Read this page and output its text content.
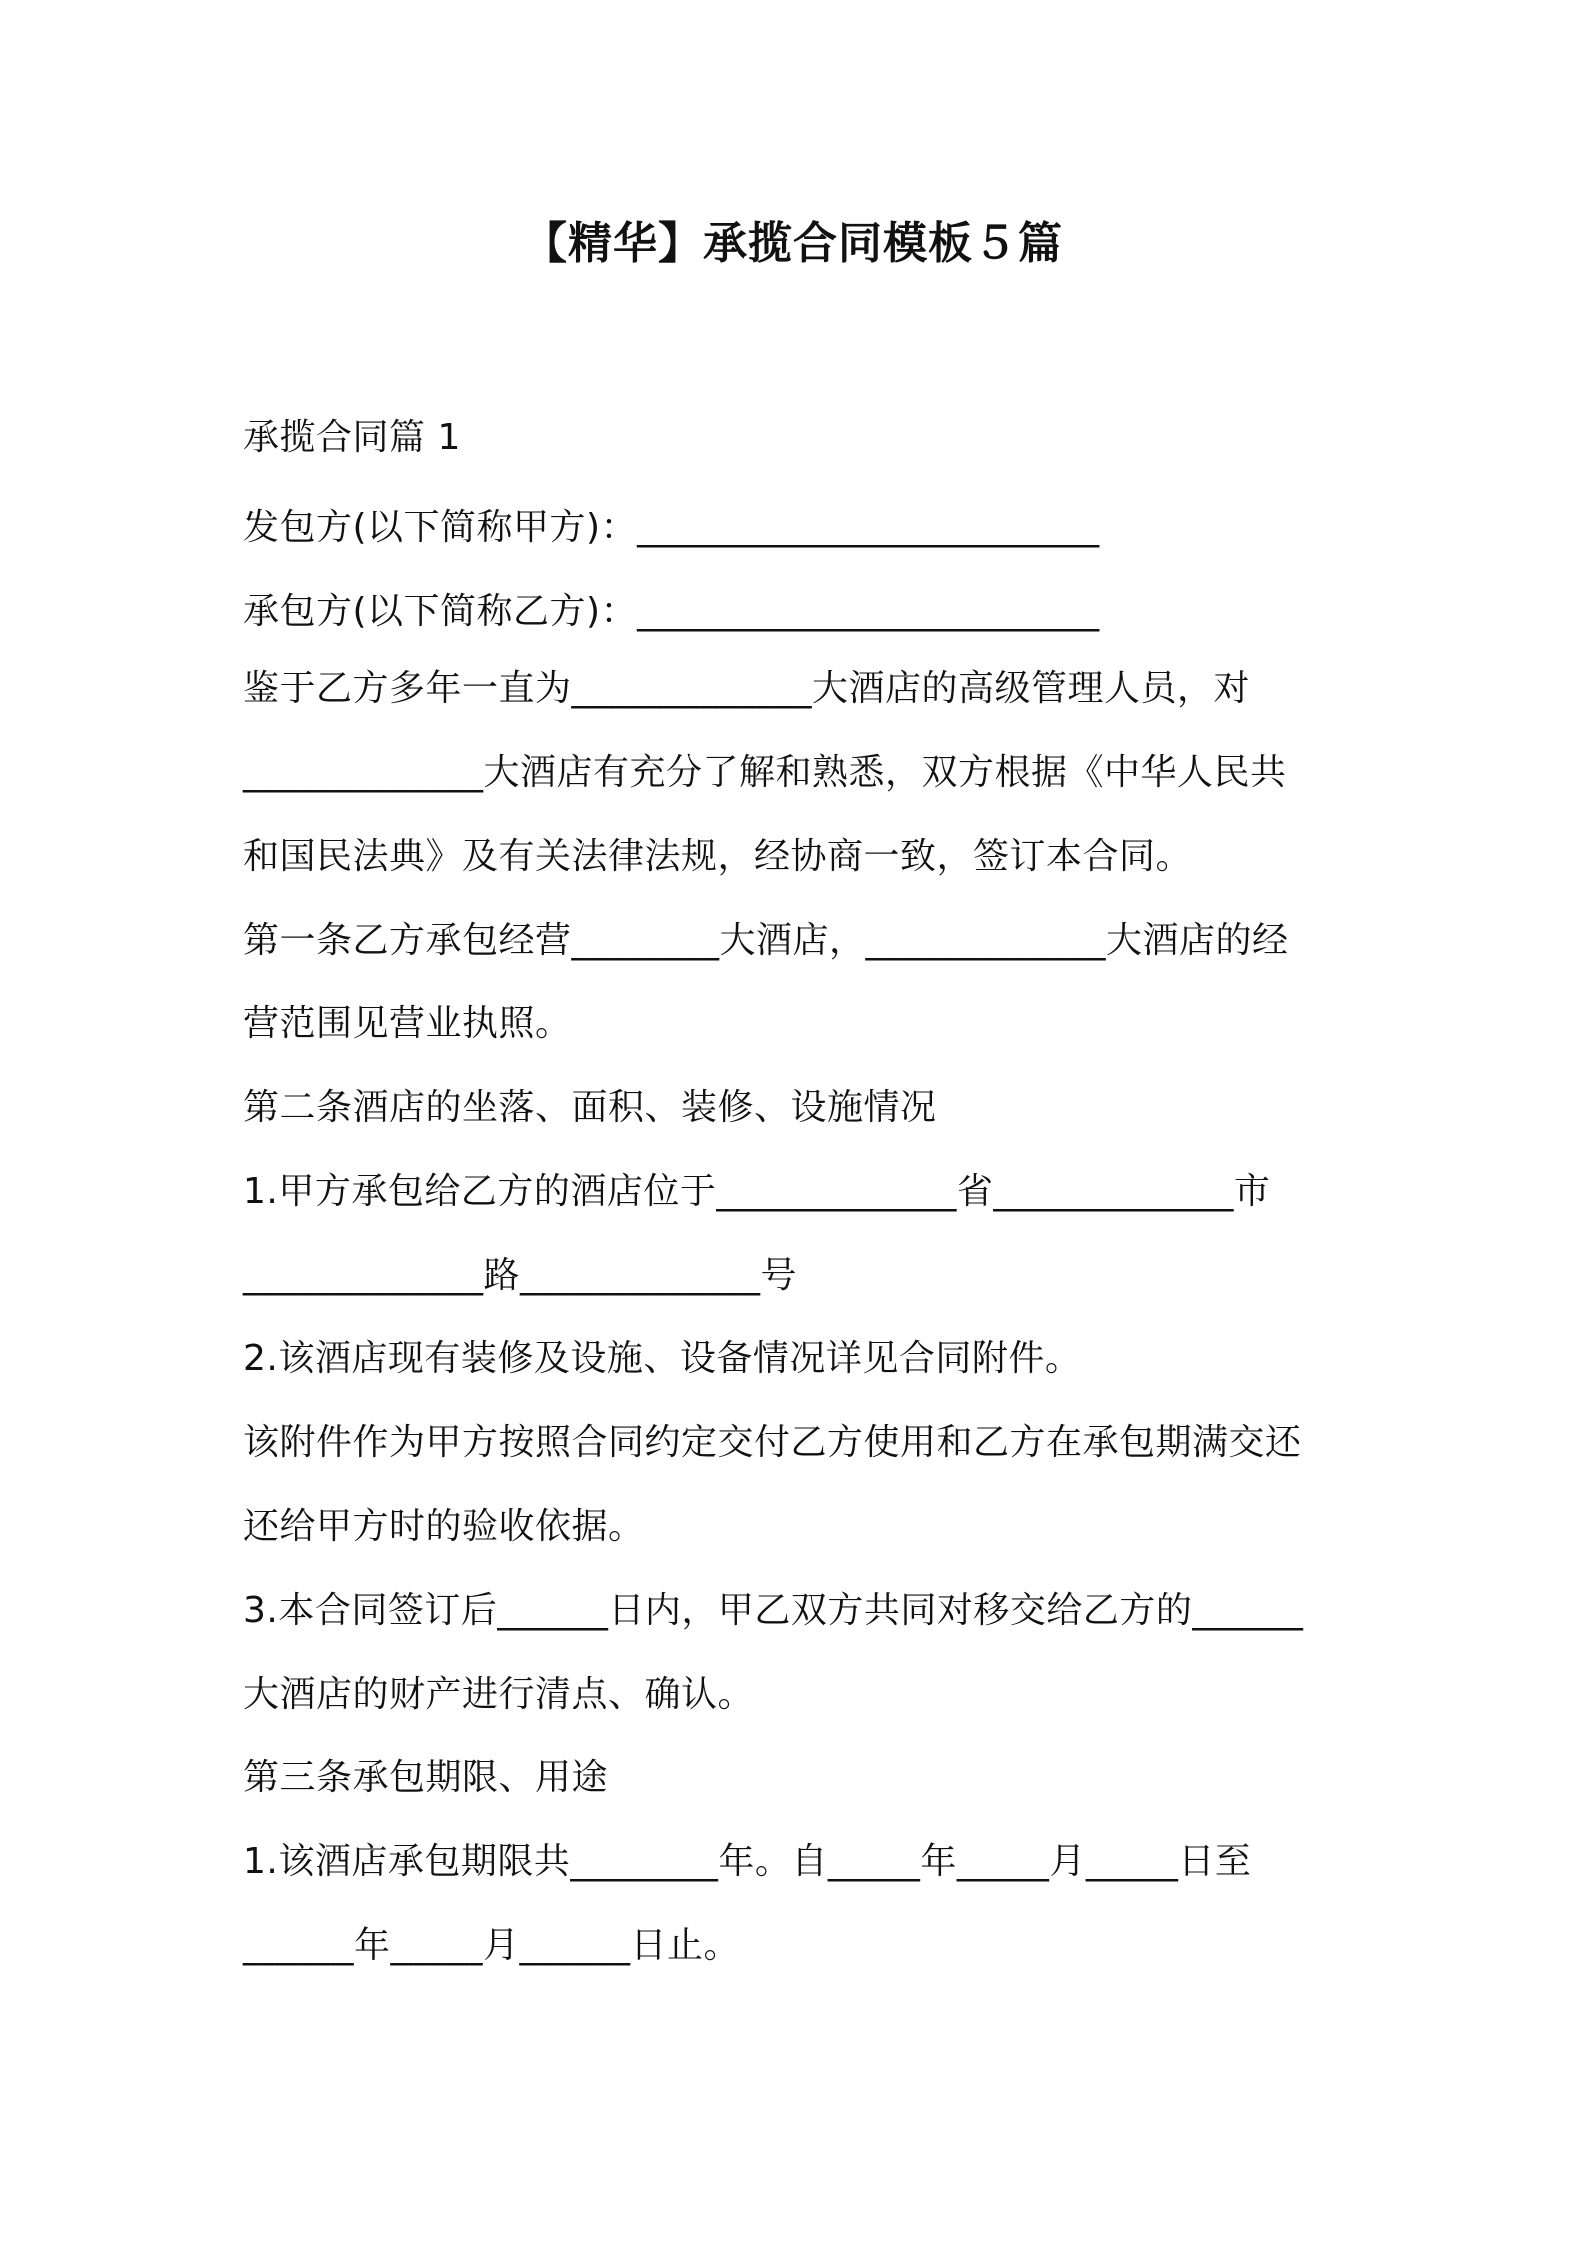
【精华】承揽合同模板５篇
承揽合同篇 1
发包方(以下简称甲方)：_________________________
承包方(以下简称乙方)：_________________________
鉴于乙方多年一直为_____________大酒店的高级管理人员，对
_____________大酒店有充分了解和熟悉，双方根据《中华人民共
和国民法典》及有关法律法规，经协商一致，签订本合同。
第一条乙方承包经营________大酒店，_____________大酒店的经
营范围见营业执照。
第二条酒店的坐落、面积、装修、设施情况
1.甲方承包给乙方的酒店位于_____________省_____________市
_____________路_____________号
2.该酒店现有装修及设施、设备情况详见合同附件。
该附件作为甲方按照合同约定交付乙方使用和乙方在承包期满交还
还给甲方时的验收依据。
3.本合同签订后______日内，甲乙双方共同对移交给乙方的______
大酒店的财产进行清点、确认。
第三条承包期限、用途
1.该酒店承包期限共________年。自_____年_____月_____日至
______年_____月______日止。
